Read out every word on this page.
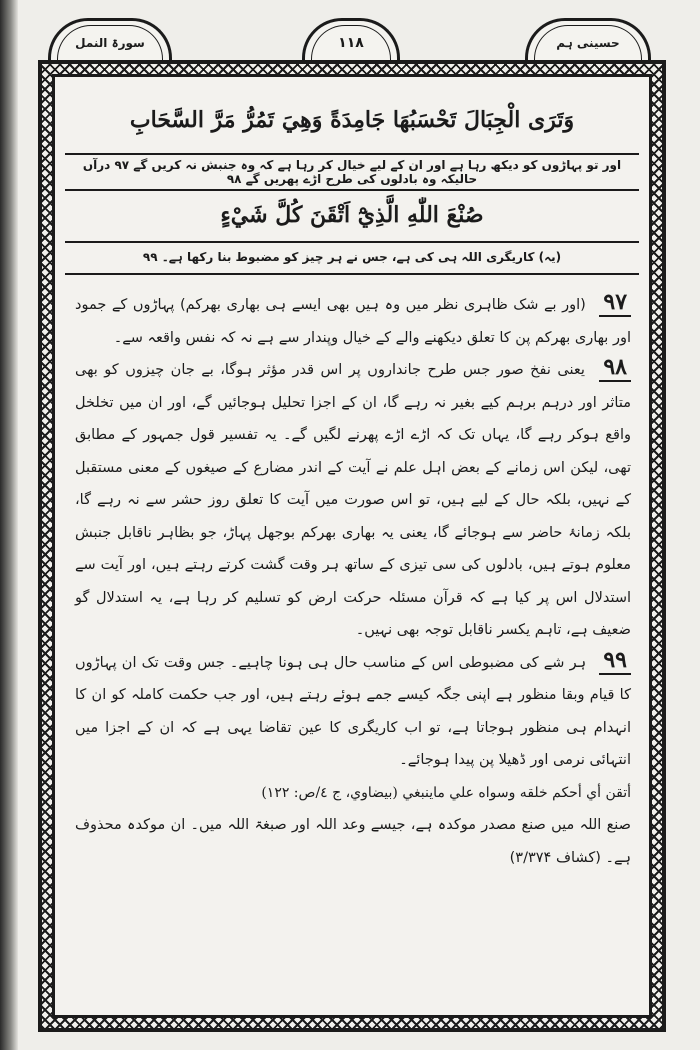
سورۃ النمل	۱۱۸	حسینی ہم
وَتَرَى الْجِبَالَ تَحْسَبُهَا جَامِدَةً وَهِيَ تَمُرُّ مَرَّ السَّحَابِ
اور تو پہاڑوں کو دیکھ رہا ہے اور ان کے لیے خیال کر رہا ہے کہ وہ جنبش نہ کریں گے ۹۷ درآں حالیکہ وہ بادلوں کی طرح اڑے پھریں گے ۹۸
صُنْعَ اللّٰهِ الَّذِيْٓ اَتْقَنَ كُلَّ شَيْءٍ
(یہ) کاریگری اللہ ہی کی ہے، جس نے ہر چیز کو مضبوط بنا رکھا ہے۔ ۹۹

۹۷ (اور بے شک ظاہری نظر میں وہ ہیں بھی ایسے ہی بھاری بھرکم) پہاڑوں کے جمود اور بھاری بھرکم پن کا تعلق دیکھنے والے کے خیال وپندار سے ہے نہ کہ نفس واقعہ سے۔

۹۸ یعنی نفخ صور جس طرح جانداروں پر اس قدر مؤثر ہوگا، بے جان چیزوں کو بھی متاثر اور درہم برہم کیے بغیر نہ رہے گا، ان کے اجزا تحلیل ہوجائیں گے، اور ان میں تخلخل واقع ہوکر رہے گا، یہاں تک کہ اڑے اڑے پھرنے لگیں گے۔ یہ تفسیر قول جمہور کے مطابق تھی، لیکن اس زمانے کے بعض اہل علم نے آیت کے اندر مضارع کے صیغوں کے معنی مستقبل کے نہیں، بلکہ حال کے لیے ہیں، تو اس صورت میں آیت کا تعلق روز حشر سے نہ رہے گا، بلکہ زمانۂ حاضر سے ہوجائے گا، یعنی یہ بھاری بھرکم بوجھل پہاڑ، جو بظاہر ناقابل جنبش معلوم ہوتے ہیں، بادلوں کی سی تیزی کے ساتھ ہر وقت گشت کرتے رہتے ہیں، اور آیت سے استدلال اس پر کیا ہے کہ قرآن مسئلہ حرکت ارض کو تسلیم کر رہا ہے، یہ استدلال گو ضعیف ہے، تاہم یکسر ناقابل توجہ بھی نہیں۔

۹۹ ہر شے کی مضبوطی اس کے مناسب حال ہی ہونا چاہیے۔ جس وقت تک ان پہاڑوں کا قیام وبقا منظور ہے اپنی جگہ کیسے جمے ہوئے رہتے ہیں، اور جب حکمت کاملہ کو ان کا انہدام ہی منظور ہوجاتا ہے، تو اب کاریگری کا عین تقاضا یہی ہے کہ ان کے اجزا میں انتہائی نرمی اور ڈھیلا پن پیدا ہوجائے۔

أتقن أي أحكم خلقه وسواه علي ماينبغي (بيضاوي، ج ٤/ص: ١٢٢)

صنع اللہ میں صنع مصدر موکدہ ہے، جیسے وعد اللہ اور صبغۃ اللہ میں۔ ان موکدہ محذوف ہے۔ (کشاف ۳/۳۷۴)
